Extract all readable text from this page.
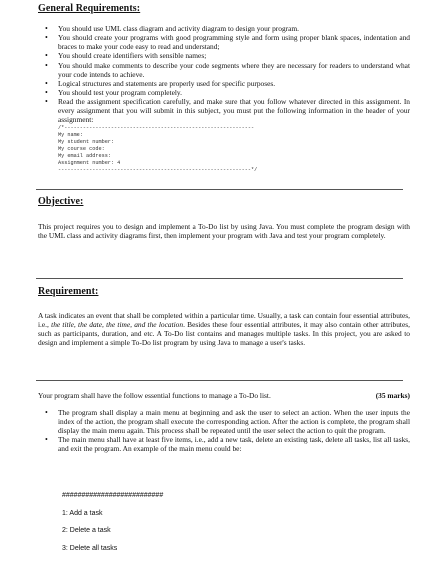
General Requirements:
• You should use UML class diagram and activity diagram to design your program.
• You should create your programs with good programming style and form using proper blank spaces, indentation and braces to make your code easy to read and understand;
• You should create identifiers with sensible names;
• You should make comments to describe your code segments where they are necessary for readers to understand what your code intends to achieve.
• Logical structures and statements are properly used for specific purposes.
• You should test your program completely.
• Read the assignment specification carefully, and make sure that you follow whatever directed in this assignment. In every assignment that you will submit in this subject, you must put the following information in the header of your assignment:
/*-------------------------------------------------------------
My name:
My student number:
My course code:
My email address:
Assignment number: 4
--------------------------------------------------------------*/
Objective:

This project requires you to design and implement a To-Do list by using Java. You must complete the program design with the UML class and activity diagrams first, then implement your program with Java and test your program completely.

Requirement:

A task indicates an event that shall be completed within a particular time. Usually, a task can contain four essential attributes, i.e., the title, the date, the time, and the location. Besides these four essential attributes, it may also contain other attributes, such as participants, duration, and etc. A To-Do list contains and manages multiple tasks. In this project, you are asked to design and implement a simple To-Do list program by using Java to manage a user's tasks.

Your program shall have the follow essential functions to manage a To-Do list.	(35 marks)
• The program shall display a main menu at beginning and ask the user to select an action. When the user inputs the index of the action, the program shall execute the corresponding action. After the action is complete, the program shall display the main menu again. This process shall be repeated until the user select the action to quit the program.
• The main menu shall have at least five items, i.e., add a new task, delete an existing task, delete all tasks, list all tasks, and exit the program. An example of the main menu could be:
##########################
1: Add a task
2: Delete a task
3: Delete all tasks
